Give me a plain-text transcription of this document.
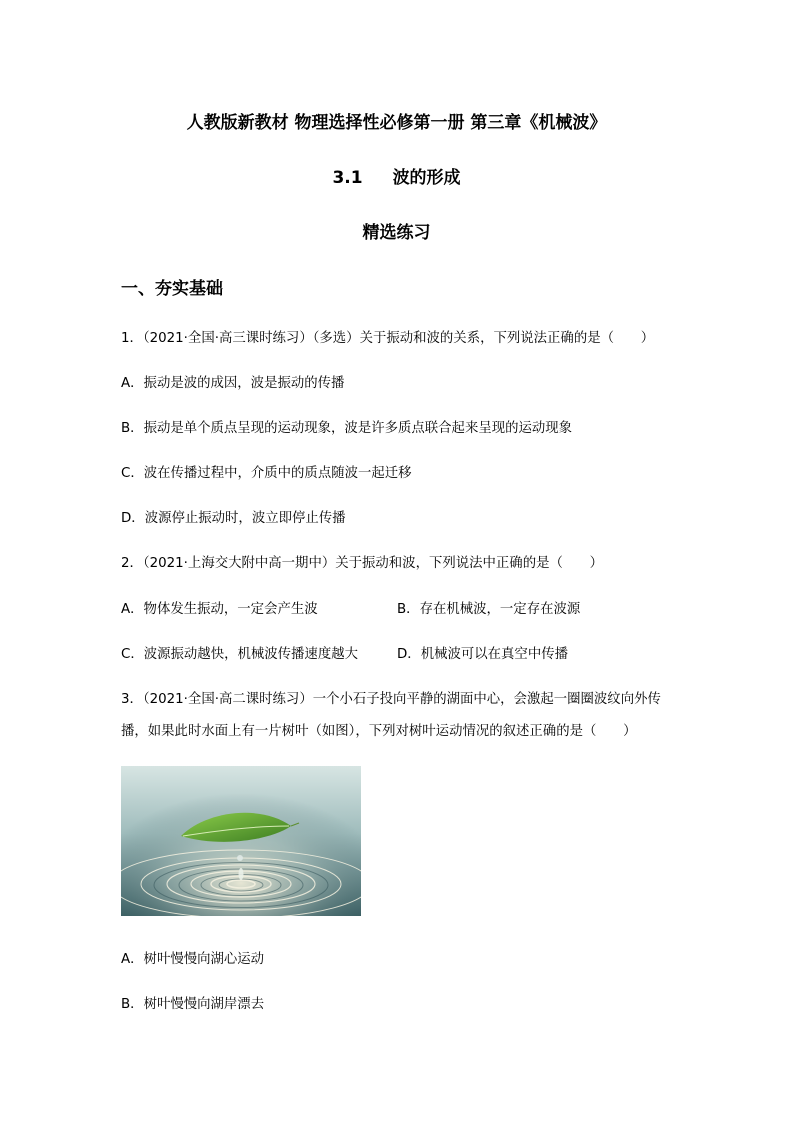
人教版新教材 物理选择性必修第一册 第三章《机械波》
3.1 波的形成
精选练习
一、夯实基础
1．（2021·全国·高三课时练习）（多选）关于振动和波的关系，下列说法正确的是（　　）
A．振动是波的成因，波是振动的传播
B．振动是单个质点呈现的运动现象，波是许多质点联合起来呈现的运动现象
C．波在传播过程中，介质中的质点随波一起迁移
D．波源停止振动时，波立即停止传播
2．（2021·上海交大附中高一期中）关于振动和波，下列说法中正确的是（　　）
A．物体发生振动，一定会产生波	B．存在机械波，一定存在波源
C．波源振动越快，机械波传播速度越大	D．机械波可以在真空中传播
3．（2021·全国·高二课时练习）一个小石子投向平静的湖面中心，会激起一圈圈波纹向外传
播，如果此时水面上有一片树叶（如图），下列对树叶运动情况的叙述正确的是（　　）
A．树叶慢慢向湖心运动
B．树叶慢慢向湖岸漂去
